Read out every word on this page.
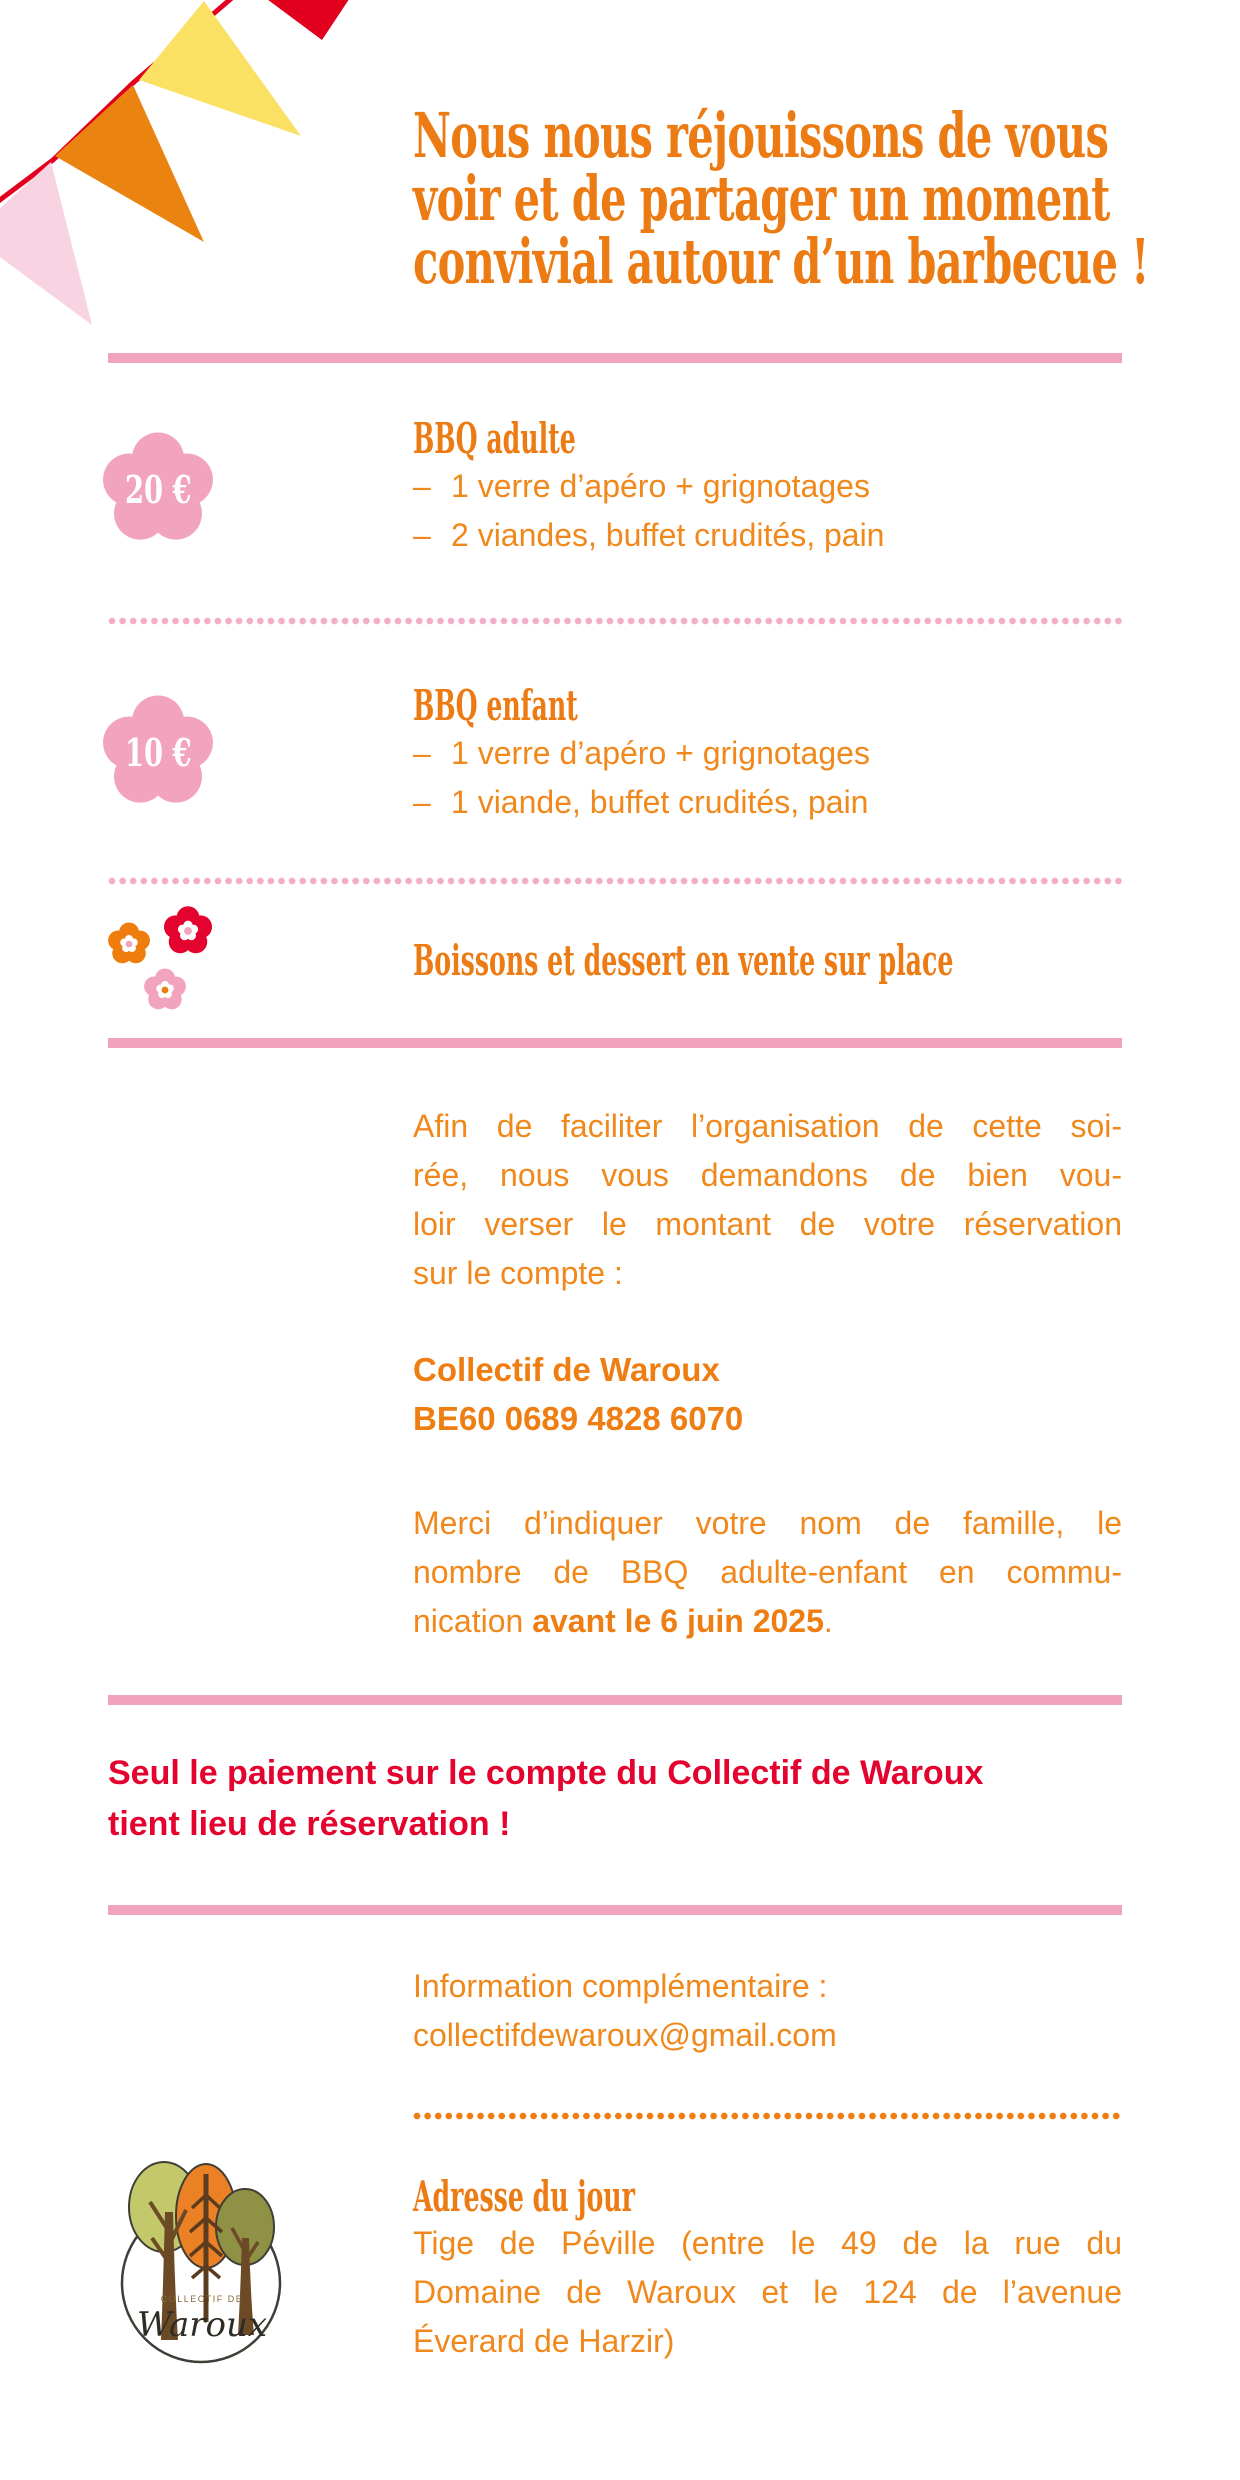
Nous nous réjouissons de vous
voir et de partager un moment
convivial autour d’un barbecue !
20 €
BBQ adulte
– 1 verre d’apéro + grignotages
– 2 viandes, buffet crudités, pain
10 €
BBQ enfant
– 1 verre d’apéro + grignotages
– 1 viande, buffet crudités, pain
Boissons et dessert en vente sur place
Afin de faciliter l’organisation de cette soi-
rée, nous vous demandons de bien vou-
loir verser le montant de votre réservation
sur le compte :
Collectif de Waroux
BE60 0689 4828 6070
Merci d’indiquer votre nom de famille, le
nombre de BBQ adulte-enfant en commu-
nication avant le 6 juin 2025.
Seul le paiement sur le compte du Collectif de Waroux
tient lieu de réservation !
Information complémentaire :
collectifdewaroux@gmail.com
COLLECTIF DE
Waroux
Adresse du jour
Tige de Péville (entre le 49 de la rue du
Domaine de Waroux et le 124 de l’avenue
Éverard de Harzir)
